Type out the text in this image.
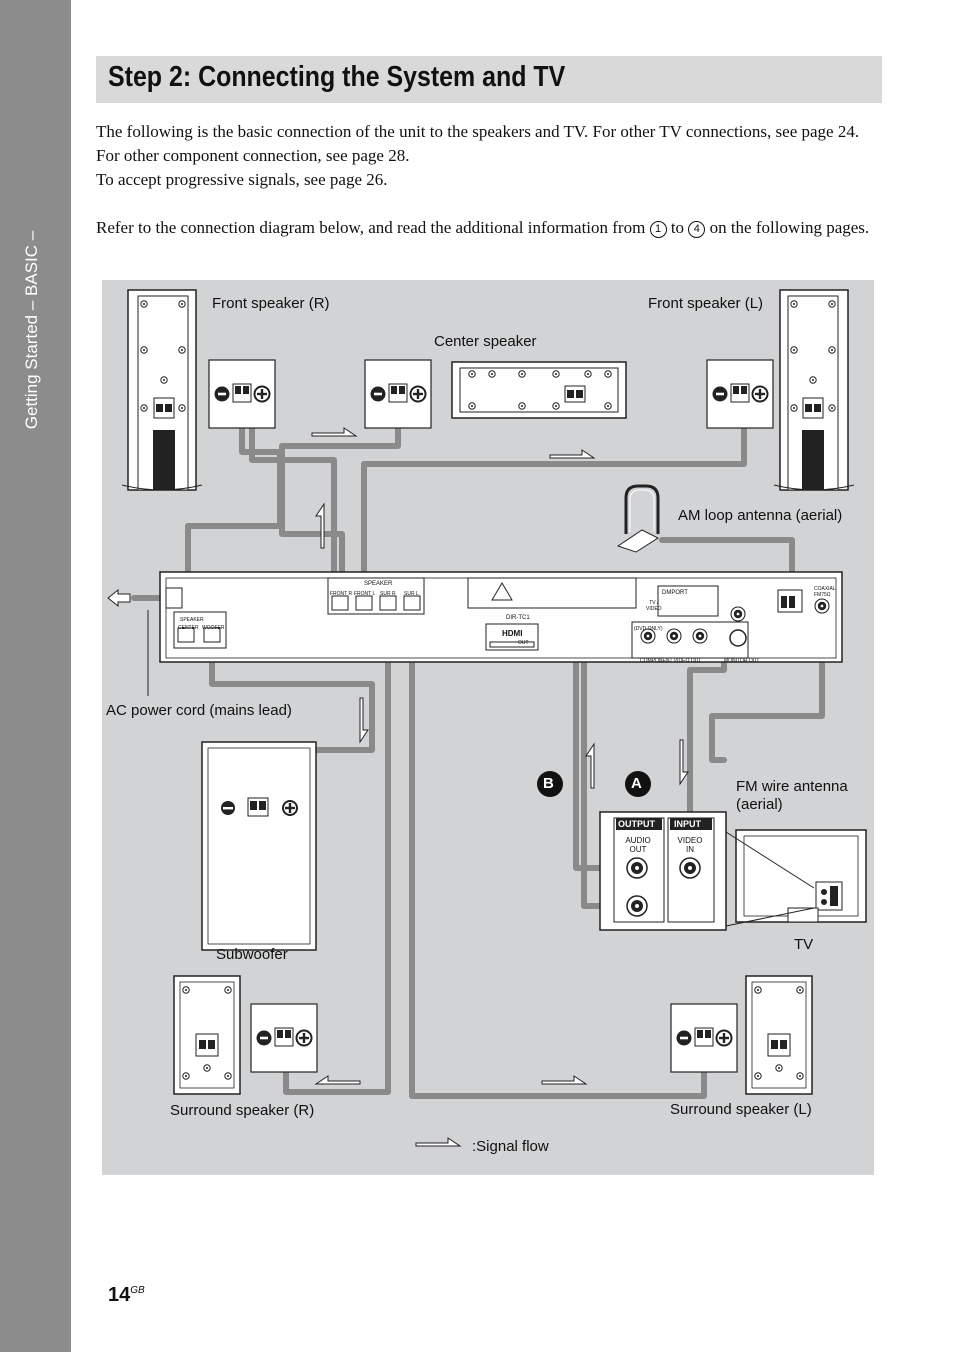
Getting Started – BASIC –
Step 2: Connecting the System and TV

The following is the basic connection of the unit to the speakers and TV. For other TV connections, see page 24. For other component connection, see page 28.
To accept progressive signals, see page 26.

Refer to the connection diagram below, and read the additional information from 1 to 4 on the following pages.

SPEAKER
FRONT R FRONT L SUR R SUR L
SPEAKER
CENTER WOOFER
DIR-TC1
HDMI
OUT
(DVD ONLY)
DMPORT
TV /
VIDEO
COMPONENT VIDEO OUT	MONITOR OUT
COAXIAL
FM75Ω
OUTPUT INPUT
AUDIO
OUT
VIDEO
IN
B	A
Front speaker (R)	Front speaker (L)
Center speaker
AM loop antenna (aerial)
AC power cord (mains lead)
FM wire antenna
(aerial)
Subwoofer
TV
Surround speaker (R)	Surround speaker (L)
:Signal flow
$14^{GB}$
